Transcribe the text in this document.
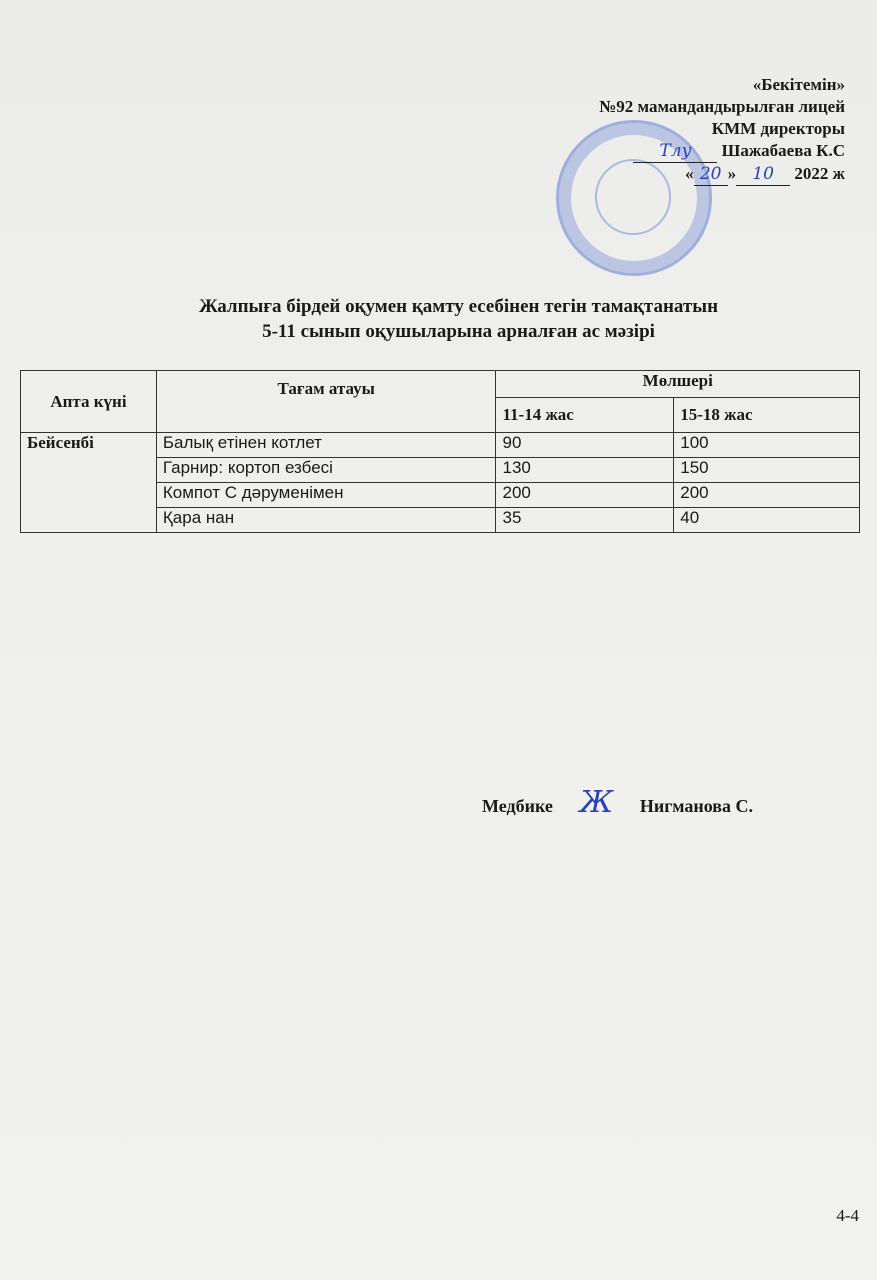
«Бекітемін»
№92 мамандандырылған лицей
КММ директоры
Тлу Шажабаева К.С
« 20 » 10 2022 ж
Жалпыға бірдей оқумен қамту есебінен тегін тамақтанатын
5-11 сынып оқушыларына арналған ас мәзірі
Апта күні	Тағам атауы	Мөлшері	
		11-14 жас	15-18 жас
Бейсенбі	Балық етінен котлет	90	100
	Гарнир: кортоп езбесі	130	150
	Компот С дәруменімен	200	200
	Қара нан	35	40
Медбике Ж Нигманова С.
4-4
